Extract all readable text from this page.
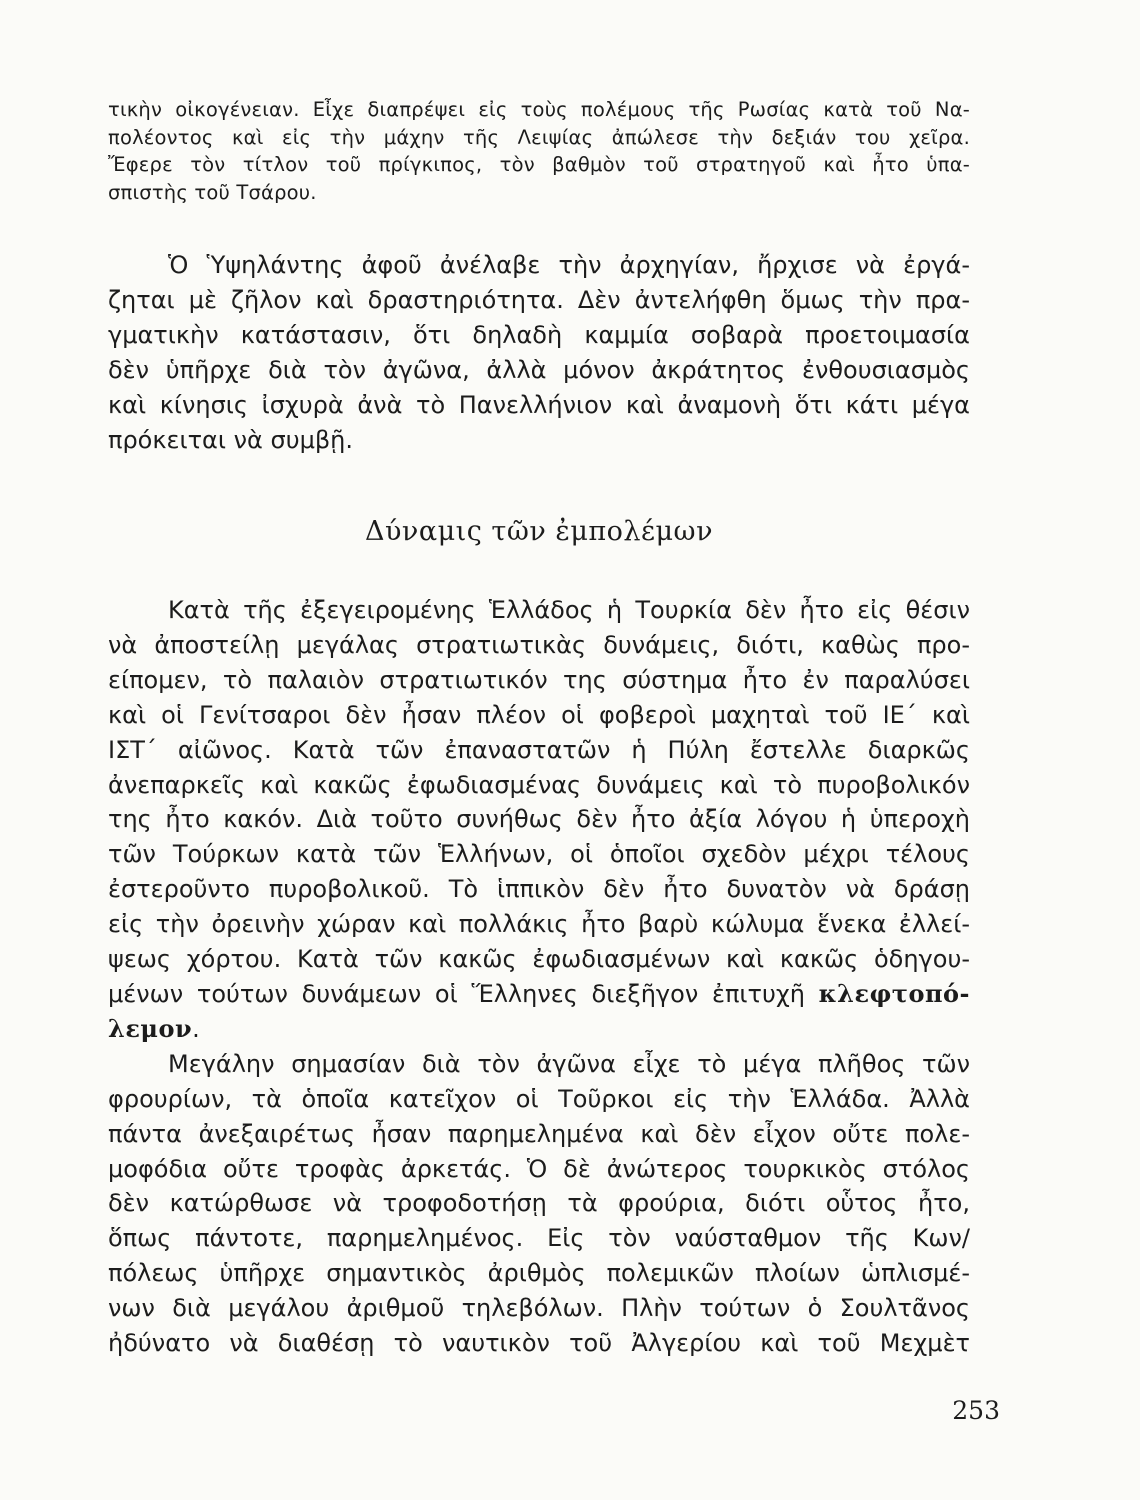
τικὴν οἰκογένειαν. Εἶχε διαπρέψει εἰς τοὺς πολέμους τῆς Ρωσίας κατὰ τοῦ Να-
πολέοντος καὶ εἰς τὴν μάχην τῆς Λειψίας ἀπώλεσε τὴν δεξιάν του χεῖρα.
Ἔφερε τὸν τίτλον τοῦ πρίγκιπος, τὸν βαθμὸν τοῦ στρατηγοῦ καὶ ἦτο ὑπα-
σπιστὴς τοῦ Τσάρου.
Ὁ Ὑψηλάντης ἀφοῦ ἀνέλαβε τὴν ἀρχηγίαν, ἤρχισε νὰ ἐργά-
ζηται μὲ ζῆλον καὶ δραστηριότητα. Δὲν ἀντελήφθη ὅμως τὴν πρα-
γματικὴν κατάστασιν, ὅτι δηλαδὴ καμμία σοβαρὰ προετοιμασία
δὲν ὑπῆρχε διὰ τὸν ἀγῶνα, ἀλλὰ μόνον ἀκράτητος ἐνθουσιασμὸς
καὶ κίνησις ἰσχυρὰ ἀνὰ τὸ Πανελλήνιον καὶ ἀναμονὴ ὅτι κάτι μέγα
πρόκειται νὰ συμβῇ.
Δύναμις τῶν ἐμπολέμων
Κατὰ τῆς ἐξεγειρομένης Ἑλλάδος ἡ Τουρκία δὲν ἦτο εἰς θέσιν
νὰ ἀποστείλῃ μεγάλας στρατιωτικὰς δυνάμεις, διότι, καθὼς προ-
είπομεν, τὸ παλαιὸν στρατιωτικόν της σύστημα ἦτο ἐν παραλύσει
καὶ οἱ Γενίτσαροι δὲν ἦσαν πλέον οἱ φοβεροὶ μαχηταὶ τοῦ ΙΕ΄ καὶ
ΙΣΤ΄ αἰῶνος. Κατὰ τῶν ἐπαναστατῶν ἡ Πύλη ἔστελλε διαρκῶς
ἀνεπαρκεῖς καὶ κακῶς ἐφωδιασμένας δυνάμεις καὶ τὸ πυροβολικόν
της ἦτο κακόν. Διὰ τοῦτο συνήθως δὲν ἦτο ἀξία λόγου ἡ ὑπεροχὴ
τῶν Τούρκων κατὰ τῶν Ἑλλήνων, οἱ ὁποῖοι σχεδὸν μέχρι τέλους
ἐστεροῦντο πυροβολικοῦ. Τὸ ἱππικὸν δὲν ἦτο δυνατὸν νὰ δράσῃ
εἰς τὴν ὀρεινὴν χώραν καὶ πολλάκις ἦτο βαρὺ κώλυμα ἕνεκα ἐλλεί-
ψεως χόρτου. Κατὰ τῶν κακῶς ἐφωδιασμένων καὶ κακῶς ὁδηγου-
μένων τούτων δυνάμεων οἱ Ἕλληνες διεξῆγον ἐπιτυχῆ κλεφτοπό-
λεμον.
Μεγάλην σημασίαν διὰ τὸν ἀγῶνα εἶχε τὸ μέγα πλῆθος τῶν
φρουρίων, τὰ ὁποῖα κατεῖχον οἱ Τοῦρκοι εἰς τὴν Ἑλλάδα. Ἀλλὰ
πάντα ἀνεξαιρέτως ἦσαν παρημελημένα καὶ δὲν εἶχον οὔτε πολε-
μοφόδια οὔτε τροφὰς ἀρκετάς. Ὁ δὲ ἀνώτερος τουρκικὸς στόλος
δὲν κατώρθωσε νὰ τροφοδοτήσῃ τὰ φρούρια, διότι οὗτος ἦτο,
ὅπως πάντοτε, παρημελημένος. Εἰς τὸν ναύσταθμον τῆς Κων/
πόλεως ὑπῆρχε σημαντικὸς ἀριθμὸς πολεμικῶν πλοίων ὡπλισμέ-
νων διὰ μεγάλου ἀριθμοῦ τηλεβόλων. Πλὴν τούτων ὁ Σουλτᾶνος
ἠδύνατο νὰ διαθέσῃ τὸ ναυτικὸν τοῦ Ἀλγερίου καὶ τοῦ Μεχμὲτ
253
